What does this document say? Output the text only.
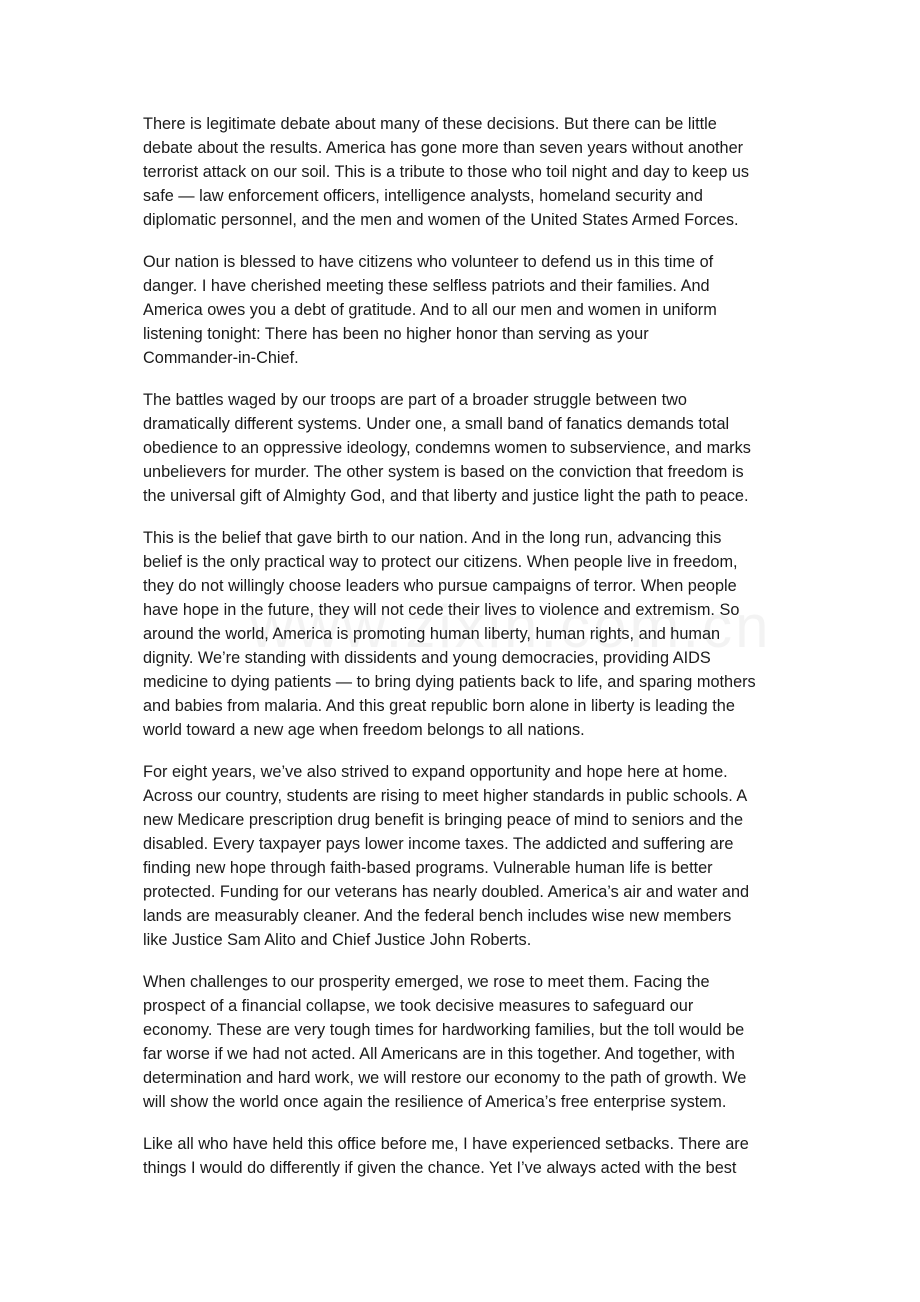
There is legitimate debate about many of these decisions. But there can be little
debate about the results. America has gone more than seven years without another
terrorist attack on our soil. This is a tribute to those who toil night and day to keep us
safe — law enforcement officers, intelligence analysts, homeland security and
diplomatic personnel, and the men and women of the United States Armed Forces.
Our nation is blessed to have citizens who volunteer to defend us in this time of
danger. I have cherished meeting these selfless patriots and their families. And
America owes you a debt of gratitude. And to all our men and women in uniform
listening tonight: There has been no higher honor than serving as your
Commander-in-Chief.
The battles waged by our troops are part of a broader struggle between two
dramatically different systems. Under one, a small band of fanatics demands total
obedience to an oppressive ideology, condemns women to subservience, and marks
unbelievers for murder. The other system is based on the conviction that freedom is
the universal gift of Almighty God, and that liberty and justice light the path to peace.
This is the belief that gave birth to our nation. And in the long run, advancing this
belief is the only practical way to protect our citizens. When people live in freedom,
they do not willingly choose leaders who pursue campaigns of terror. When people
have hope in the future, they will not cede their lives to violence and extremism. So
around the world, America is promoting human liberty, human rights, and human
dignity. We’re standing with dissidents and young democracies, providing AIDS
medicine to dying patients — to bring dying patients back to life, and sparing mothers
and babies from malaria. And this great republic born alone in liberty is leading the
world toward a new age when freedom belongs to all nations.
For eight years, we’ve also strived to expand opportunity and hope here at home.
Across our country, students are rising to meet higher standards in public schools. A
new Medicare prescription drug benefit is bringing peace of mind to seniors and the
disabled. Every taxpayer pays lower income taxes. The addicted and suffering are
finding new hope through faith-based programs. Vulnerable human life is better
protected. Funding for our veterans has nearly doubled. America’s air and water and
lands are measurably cleaner. And the federal bench includes wise new members
like Justice Sam Alito and Chief Justice John Roberts.
When challenges to our prosperity emerged, we rose to meet them. Facing the
prospect of a financial collapse, we took decisive measures to safeguard our
economy. These are very tough times for hardworking families, but the toll would be
far worse if we had not acted. All Americans are in this together. And together, with
determination and hard work, we will restore our economy to the path of growth. We
will show the world once again the resilience of America’s free enterprise system.
Like all who have held this office before me, I have experienced setbacks. There are
things I would do differently if given the chance. Yet I’ve always acted with the best
